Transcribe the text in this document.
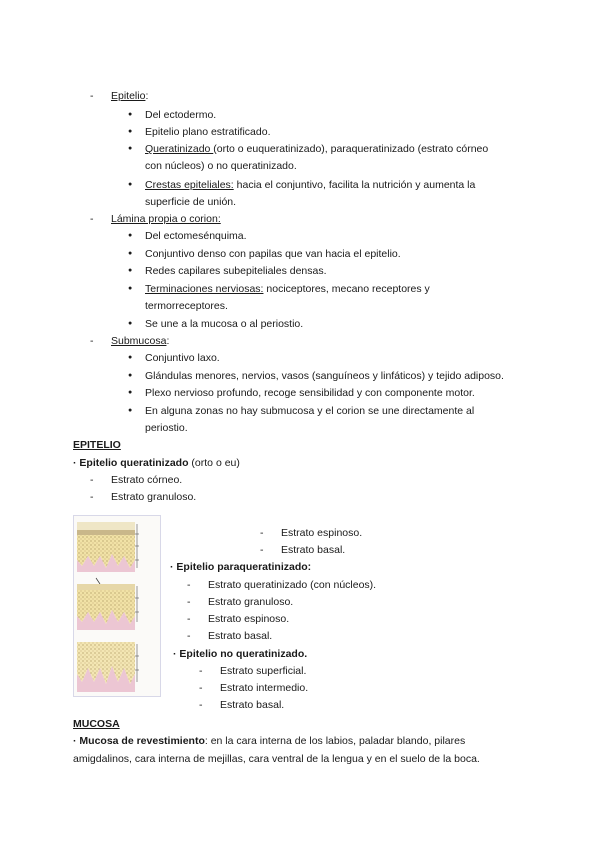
- Epitelio:
● Del ectodermo.
● Epitelio plano estratificado.
● Queratinizado (orto o euqueratinizado), paraqueratinizado (estrato córneo
con núcleos) o no queratinizado.
● Crestas epiteliales: hacia el conjuntivo, facilita la nutrición y aumenta la
superficie de unión.
- Lámina propia o corion:
● Del ectomesénquima.
● Conjuntivo denso con papilas que van hacia el epitelio.
● Redes capilares subepiteliales densas.
● Terminaciones nerviosas: nociceptores, mecano receptores y
termorreceptores.
● Se une a la mucosa o al periostio.
- Submucosa:
● Conjuntivo laxo.
● Glándulas menores, nervios, vasos (sanguíneos y linfáticos) y tejido adiposo.
● Plexo nervioso profundo, recoge sensibilidad y con componente motor.
● En alguna zonas no hay submucosa y el corion se une directamente al
periostio.
EPITELIO
· Epitelio queratinizado (orto o eu)
- Estrato córneo.
- Estrato granuloso.
- Estrato espinoso.
- Estrato basal.
· Epitelio paraqueratinizado:
- Estrato queratinizado (con núcleos).
- Estrato granuloso.
- Estrato espinoso.
- Estrato basal.
· Epitelio no queratinizado.
- Estrato superficial.
- Estrato intermedio.
- Estrato basal.
MUCOSA
· Mucosa de revestimiento: en la cara interna de los labios, paladar blando, pilares
amigdalinos, cara interna de mejillas, cara ventral de la lengua y en el suelo de la boca.
